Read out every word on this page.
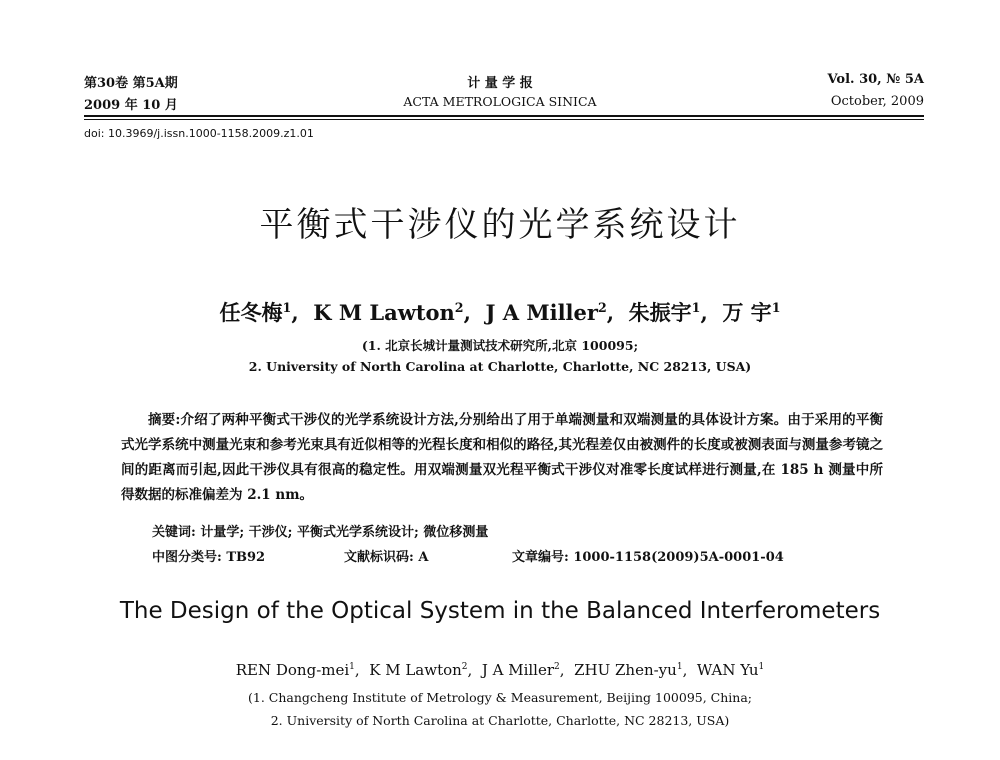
第30卷 第5A期
2009 年 10 月
计 量 学 报
ACTA METROLOGICA SINICA
Vol. 30, № 5A
October, 2009
doi: 10.3969/j.issn.1000-1158.2009.z1.01
平衡式干涉仪的光学系统设计
任冬梅$^1$,  K M Lawton$^2$,  J A Miller$^2$,  朱振宇$^1$,  万 宇$^1$
(1. 北京长城计量测试技术研究所,北京 100095;
2. University of North Carolina at Charlotte, Charlotte, NC 28213, USA)
摘要:介绍了两种平衡式干涉仪的光学系统设计方法,分别给出了用于单端测量和双端测量的具体设计方案。由于采用的平衡式光学系统中测量光束和参考光束具有近似相等的光程长度和相似的路径,其光程差仅由被测件的长度或被测表面与测量参考镜之间的距离而引起,因此干涉仪具有很高的稳定性。用双端测量双光程平衡式干涉仪对准零长度试样进行测量,在 185 h 测量中所得数据的标准偏差为 2.1 nm。
关键词: 计量学; 干涉仪; 平衡式光学系统设计; 微位移测量
中图分类号: TB92	文献标识码: A	文章编号: 1000-1158(2009)5A-0001-04
The Design of the Optical System in the Balanced Interferometers
REN Dong-mei$^1$,  K M Lawton$^2$,  J A Miller$^2$,  ZHU Zhen-$yu^1$,  WAN Yu$^1$
(1. Changcheng Institute of Metrology & Measurement, Beijing 100095, China;
2. University of North Carolina at Charlotte, Charlotte, NC 28213, USA)
